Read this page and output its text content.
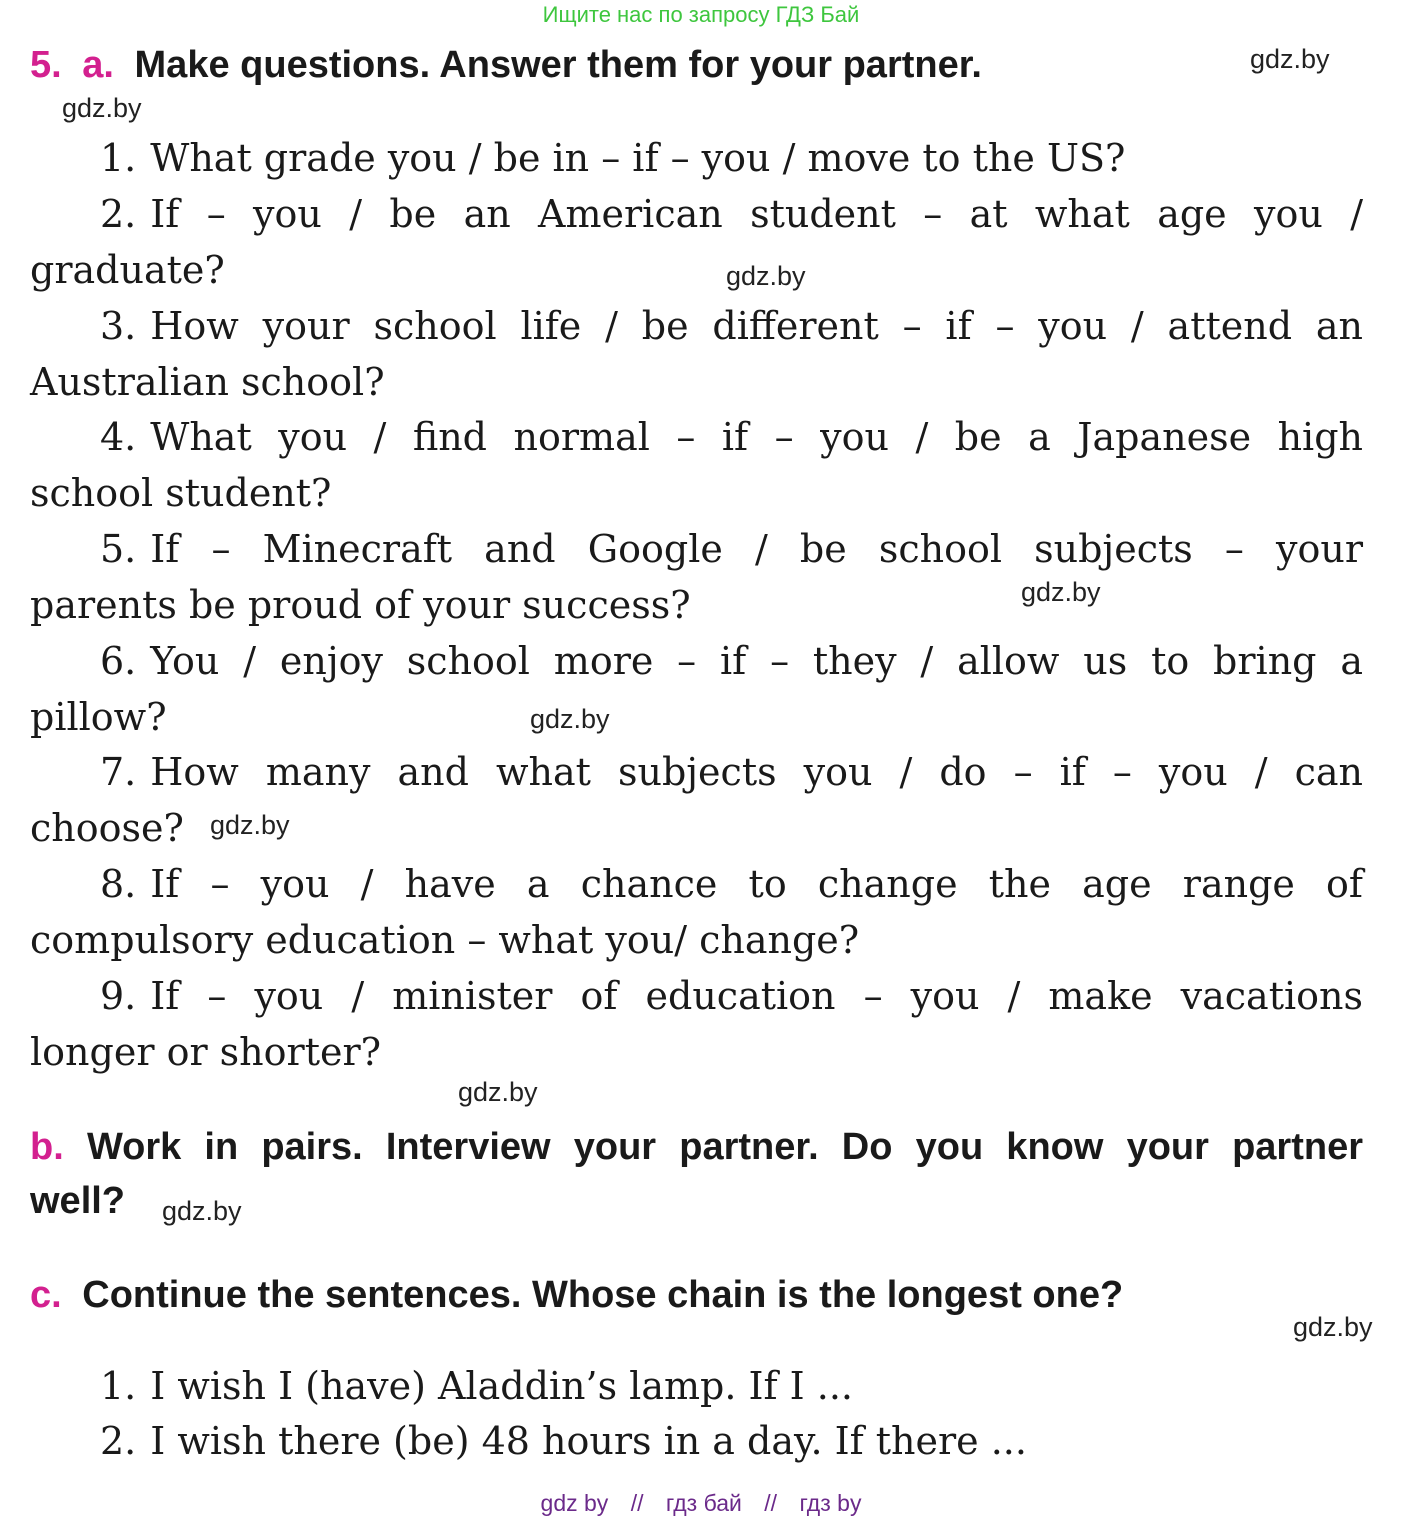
Ищите нас по запросу ГДЗ Бай
5. a. Make questions. Answer them for your partner.
1. What grade you / be in – if – you / move to the US?
2. If – you / be an American student – at what age you /
graduate?
3. How your school life / be different – if – you / attend an
Australian school?
4. What you / find normal – if – you / be a Japanese high
school student?
5. If – Minecraft and Google / be school subjects – your
parents be proud of your success?
6. You / enjoy school more – if – they / allow us to bring a
pillow?
7. How many and what subjects you / do – if – you / can
choose?
8. If – you / have a chance to change the age range of
compulsory education – what you/ change?
9. If – you / minister of education – you / make vacations
longer or shorter?
b. Work in pairs. Interview your partner. Do you know your partner
well?
c. Continue the sentences. Whose chain is the longest one?
1. I wish I (have) Aladdin’s lamp. If I ...
2. I wish there (be) 48 hours in a day. If there ...
gdz.by
gdz.by
gdz.by
gdz.by
gdz.by
gdz.by
gdz.by
gdz.by
gdz.by
gdz by // гдз бай // гдз by
